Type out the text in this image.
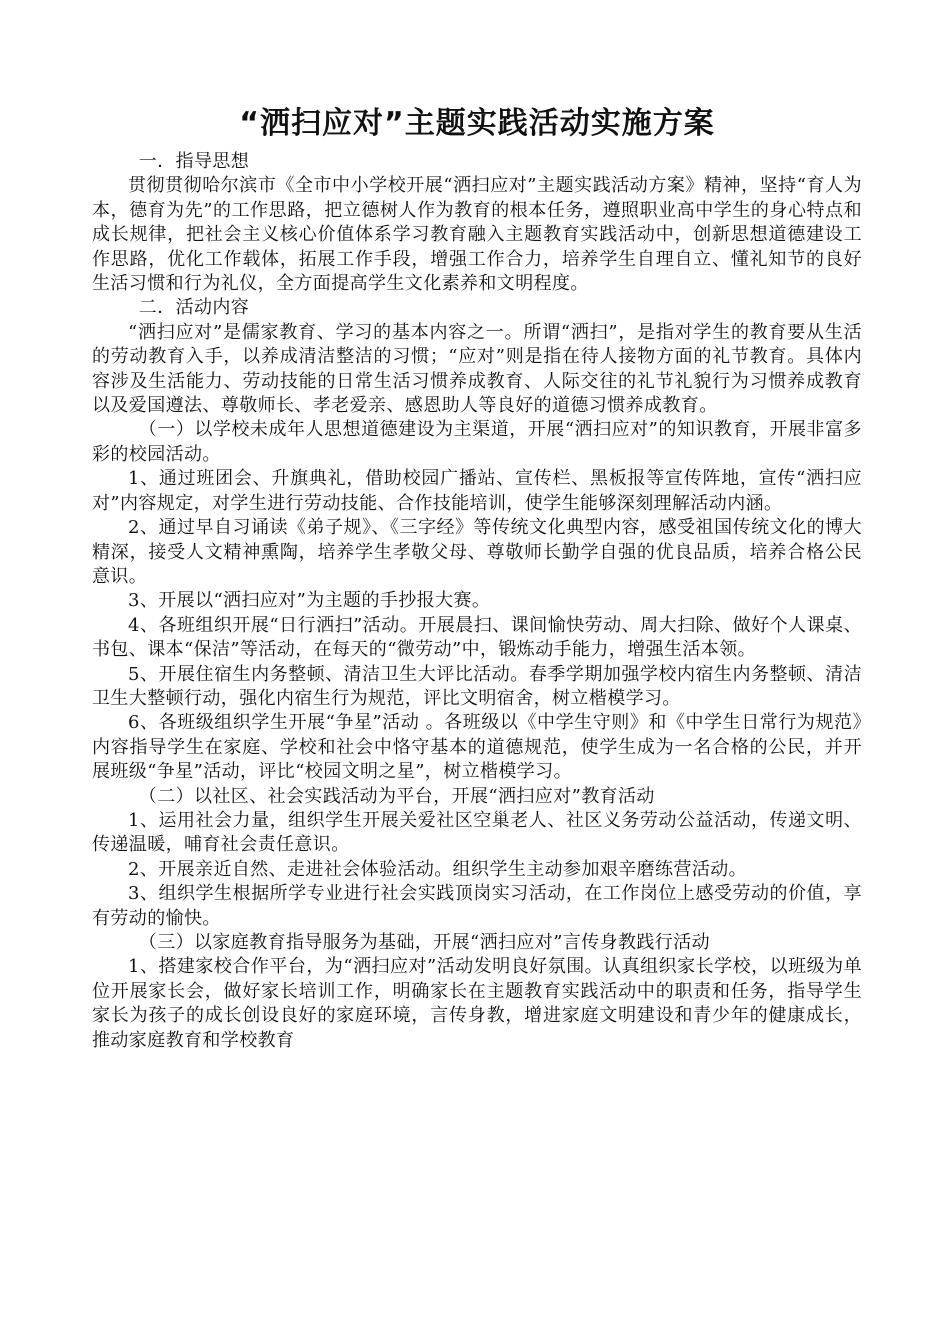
“洒扫应对”主题实践活动实施方案

一．指导思想

贯彻贯彻哈尔滨市《全市中小学校开展“洒扫应对”主题实践活动方案》精神，坚持“育人为本，德育为先”的工作思路，把立德树人作为教育的根本任务，遵照职业高中学生的身心特点和成长规律，把社会主义核心价值体系学习教育融入主题教育实践活动中，创新思想道德建设工作思路，优化工作载体，拓展工作手段，增强工作合力，培养学生自理自立、懂礼知节的良好生活习惯和行为礼仪，全方面提高学生文化素养和文明程度。

二．活动内容

“洒扫应对”是儒家教育、学习的基本内容之一。所谓“洒扫”，是指对学生的教育要从生活的劳动教育入手，以养成清洁整洁的习惯；“应对”则是指在待人接物方面的礼节教育。具体内容涉及生活能力、劳动技能的日常生活习惯养成教育、人际交往的礼节礼貌行为习惯养成教育以及爱国遵法、尊敬师长、孝老爱亲、感恩助人等良好的道德习惯养成教育。

（一）以学校未成年人思想道德建设为主渠道，开展“洒扫应对”的知识教育，开展非富多彩的校园活动。

1、通过班团会、升旗典礼，借助校园广播站、宣传栏、黑板报等宣传阵地，宣传“洒扫应对”内容规定，对学生进行劳动技能、合作技能培训，使学生能够深刻理解活动内涵。

2、通过早自习诵读《弟子规》、《三字经》等传统文化典型内容，感受祖国传统文化的博大精深，接受人文精神熏陶，培养学生孝敬父母、尊敬师长勤学自强的优良品质，培养合格公民意识。

3、开展以“洒扫应对”为主题的手抄报大赛。

4、各班组织开展“日行洒扫”活动。开展晨扫、课间愉快劳动、周大扫除、做好个人课桌、书包、课本“保洁”等活动，在每天的“微劳动”中，锻炼动手能力，增强生活本领。

5、开展住宿生内务整顿、清洁卫生大评比活动。春季学期加强学校内宿生内务整顿、清洁卫生大整顿行动，强化内宿生行为规范，评比文明宿舍，树立楷模学习。

6、各班级组织学生开展“争星”活动 。各班级以《中学生守则》和《中学生日常行为规范》内容指导学生在家庭、学校和社会中恪守基本的道德规范，使学生成为一名合格的公民，并开展班级“争星”活动，评比“校园文明之星”，树立楷模学习。

（二）以社区、社会实践活动为平台，开展“洒扫应对”教育活动

1、运用社会力量，组织学生开展关爱社区空巢老人、社区义务劳动公益活动，传递文明、传递温暖，哺育社会责任意识。

2、开展亲近自然、走进社会体验活动。组织学生主动参加艰辛磨练营活动。

3、组织学生根据所学专业进行社会实践顶岗实习活动，在工作岗位上感受劳动的价值，享有劳动的愉快。

（三）以家庭教育指导服务为基础，开展“洒扫应对”言传身教践行活动

1、搭建家校合作平台，为“洒扫应对”活动发明良好氛围。认真组织家长学校，以班级为单位开展家长会，做好家长培训工作，明确家长在主题教育实践活动中的职责和任务，指导学生家长为孩子的成长创设良好的家庭环境，言传身教，增进家庭文明建设和青少年的健康成长，推动家庭教育和学校教育
